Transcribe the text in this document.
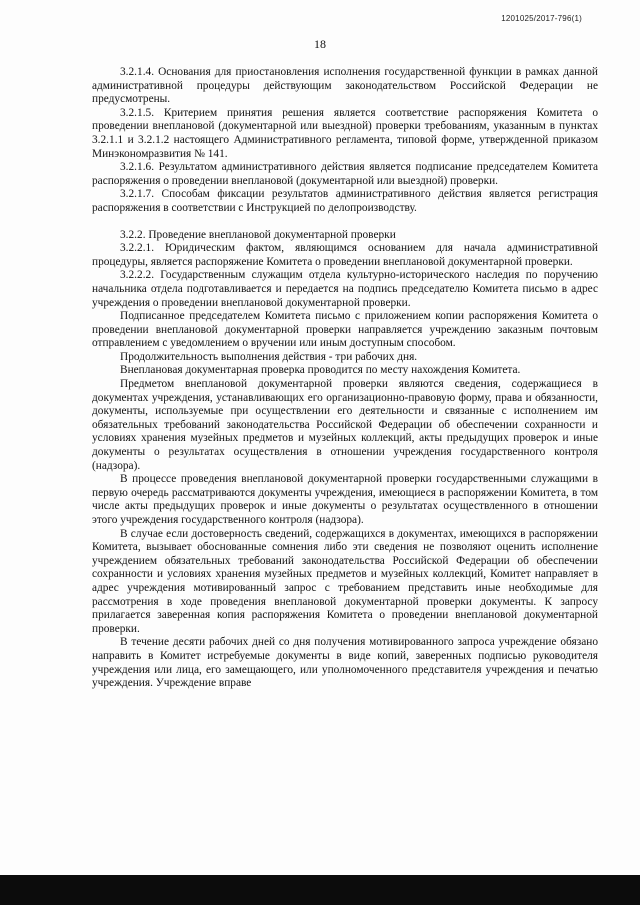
1201025/2017-796(1)
18

3.2.1.4. Основания для приостановления исполнения государственной функции в рамках данной административной процедуры действующим законодательством Российской Федерации не предусмотрены.

3.2.1.5. Критерием принятия решения является соответствие распоряжения Комитета о проведении внеплановой (документарной или выездной) проверки требованиям, указанным в пунктах 3.2.1.1 и 3.2.1.2 настоящего Административного регламента, типовой форме, утвержденной приказом Минэкономразвития № 141.

3.2.1.6. Результатом административного действия является подписание председателем Комитета распоряжения о проведении внеплановой (документарной или выездной) проверки.

3.2.1.7. Способам фиксации результатов административного действия является регистрация распоряжения в соответствии с Инструкцией по делопроизводству.

3.2.2. Проведение внеплановой документарной проверки

3.2.2.1. Юридическим фактом, являющимся основанием для начала административной процедуры, является распоряжение Комитета о проведении внеплановой документарной проверки.

3.2.2.2. Государственным служащим отдела культурно-исторического наследия по поручению начальника отдела подготавливается и передается на подпись председателю Комитета письмо в адрес учреждения о проведении внеплановой документарной проверки.

Подписанное председателем Комитета письмо с приложением копии распоряжения Комитета о проведении внеплановой документарной проверки направляется учреждению заказным почтовым отправлением с уведомлением о вручении или иным доступным способом.

Продолжительность выполнения действия - три рабочих дня.

Внеплановая документарная проверка проводится по месту нахождения Комитета.

Предметом внеплановой документарной проверки являются сведения, содержащиеся в документах учреждения, устанавливающих его организационно-правовую форму, права и обязанности, документы, используемые при осуществлении его деятельности и связанные с исполнением им обязательных требований законодательства Российской Федерации об обеспечении сохранности и условиях хранения музейных предметов и музейных коллекций, акты предыдущих проверок и иные документы о результатах осуществления в отношении учреждения государственного контроля (надзора).

В процессе проведения внеплановой документарной проверки государственными служащими в первую очередь рассматриваются документы учреждения, имеющиеся в распоряжении Комитета, в том числе акты предыдущих проверок и иные документы о результатах осуществленного в отношении этого учреждения государственного контроля (надзора).

В случае если достоверность сведений, содержащихся в документах, имеющихся в распоряжении Комитета, вызывает обоснованные сомнения либо эти сведения не позволяют оценить исполнение учреждением обязательных требований законодательства Российской Федерации об обеспечении сохранности и условиях хранения музейных предметов и музейных коллекций, Комитет направляет в адрес учреждения мотивированный запрос с требованием представить иные необходимые для рассмотрения в ходе проведения внеплановой документарной проверки документы. К запросу прилагается заверенная копия распоряжения Комитета о проведении внеплановой документарной проверки.

В течение десяти рабочих дней со дня получения мотивированного запроса учреждение обязано направить в Комитет истребуемые документы в виде копий, заверенных подписью руководителя учреждения или лица, его замещающего, или уполномоченного представителя учреждения и печатью учреждения. Учреждение вправе
